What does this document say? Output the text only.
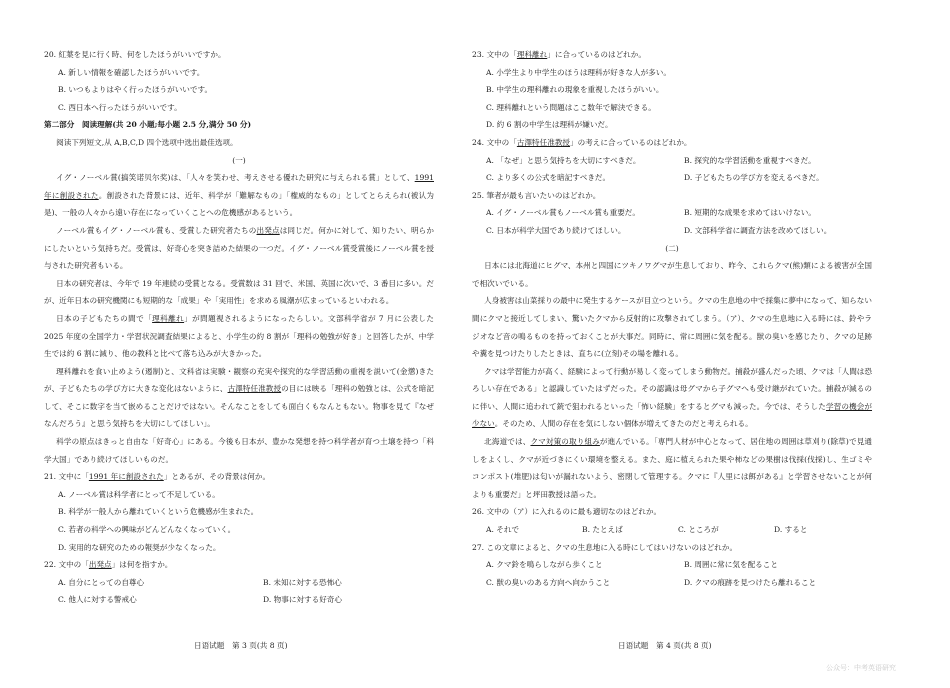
20. 紅葉を見に行く時、何をしたほうがいいですか。

A. 新しい情報を確認したほうがいいです。

B. いつもよりはやく行ったほうがいいです。

C. 西日本へ行ったほうがいいです。

第二部分　阅读理解(共 20 小题;每小题 2.5 分,满分 50 分)

阅读下列短文,从 A,B,C,D 四个选项中选出最佳选项。

(一)

イグ・ノーベル賞(搞笑诺贝尔奖)は、「人々を笑わせ、考えさせる優れた研究に与えられる賞」として、1991 年に創設された。創設された背景には、近年、科学が「難解なもの」「権威的なもの」としてとらえられ(被认为是)、一般の人々から遠い存在になっていくことへの危機感があるという。

ノーベル賞もイグ・ノーベル賞も、受賞した研究者たちの出発点は同じだ。何かに対して、知りたい、明らかにしたいという気持ちだ。受賞は、好奇心を突き詰めた結果の一つだ。イグ・ノーベル賞受賞後にノーベル賞を授与された研究者もいる。

日本の研究者は、今年で 19 年連続の受賞となる。受賞数は 31 回で、米国、英国に次いで、3 番目に多い。だが、近年日本の研究機関にも短期的な「成果」や「実用性」を求める風潮が広まっているといわれる。

日本の子どもたちの間で「理科離れ」が問題視されるようになったらしい。文部科学省が 7 月に公表した 2025 年度の全国学力・学習状況調査結果によると、小学生の約 8 割が「理科の勉強が好き」と回答したが、中学生では約 6 割に減り、他の教科と比べて落ち込みが大きかった。

理科離れを食い止めよう(遏制)と、文科省は実験・観察の充実や探究的な学習活動の重視を説いて(金懲)きたが、子どもたちの学び方に大きな変化はないように、古澤特任准教授の目には映る「理科の勉強とは、公式を暗記して、そこに数字を当て嵌めることだけではない。そんなことをしても面白くもなんともない。物事を見て『なぜなんだろう』と思う気持ちを大切にしてほしい」。

科学の原点はきっと自由な「好奇心」にある。今後も日本が、豊かな発想を持つ科学者が育つ土壌を持つ「科学大国」であり続けてほしいものだ。

21. 文中に「1991 年に創設された」とあるが、その背景は何か。

A. ノーベル賞は科学者にとって不足している。

B. 科学が一般人から離れていくという危機感が生まれた。

C. 若者の科学への興味がどんどんなくなっていく。

D. 実用的な研究のための報奨が少なくなった。

22. 文中の「出発点」は何を指すか。

A. 自分にとっての自尊心	B. 未知に対する恐怖心
C. 他人に対する警戒心	D. 物事に対する好奇心
日语试题　第 3 页(共 8 页)

23. 文中の「理科離れ」に合っているのはどれか。

A. 小学生より中学生のほうは理科が好きな人が多い。

B. 中学生の理科離れの現象を重視したほうがいい。

C. 理科離れという問題はここ数年で解決できる。

D. 約 6 割の中学生は理科が嫌いだ。

24. 文中の「古澤特任准教授」の考えに合っているのはどれか。

A. 「なぜ」と思う気持ちを大切にすべきだ。	B. 探究的な学習活動を重視すべきだ。
C. より多くの公式を暗記すべきだ。	D. 子どもたちの学び方を変えるべきだ。

25. 筆者が最も言いたいのはどれか。

A. イグ・ノーベル賞もノーベル賞も重要だ。	B. 短期的な成果を求めてはいけない。
C. 日本が科学大国であり続けてほしい。	D. 文部科学省に調査方法を改めてほしい。

(二)

日本には北海道にヒグマ、本州と四国にツキノワグマが生息しており、昨今、これらクマ(熊)類による被害が全国で相次いでいる。

人身被害は山菜採りの最中に発生するケースが目立つという。クマの生息地の中で採集に夢中になって、知らない間にクマと接近してしまい、驚いたクマから反射的に攻撃されてしまう。（ア）、クマの生息地に入る時には、鈴やラジオなど音の鳴るものを持っておくことが大事だ。同時に、常に周囲に気を配る。獣の臭いを感じたり、クマの足跡や糞を見つけたりしたときは、直ちに(立刻)その場を離れる。

クマは学習能力が高く、経験によって行動が易しく変ってしまう動物だ。捕殺が盛んだった頃、クマは「人間は恐ろしい存在である」と認識していたはずだった。その認識は母グマから子グマへも受け継がれていた。捕殺が減るのに伴い、人間に追われて銃で狙われるといった「怖い経験」をするとグマも減った。今では、そうした学習の機会が少ない。そのため、人間の存在を気にしない個体が増えてきたのだと考えられる。

北海道では、クマ対策の取り組みが進んでいる。「専門人材が中心となって、居住地の周囲は草刈り(除草)で見通しをよくし、クマが近づきにくい環境を整える。また、庭に植えられた果や柿などの果樹は伐採(伐採)し、生ゴミやコンポスト(堆肥)は匂いが漏れないよう、密閉して管理する。クマに『人里には餌がある』と学習させないことが何よりも重要だ」と坪田教授は語った。

26. 文中の（ア）に入れるのに最も適切なのはどれか。

A. それで	B. たとえば	C. ところが	D. すると

27. この文章によると、クマの生息地に入る時にしてはいけないのはどれか。

A. クマ鈴を鳴らしながら歩くこと	B. 周囲に常に気を配ること
C. 獣の臭いのある方向へ向かうこと	D. クマの痕跡を見つけたら離れること
日语试题　第 4 页(共 8 页)
公众号：中考英语研究
